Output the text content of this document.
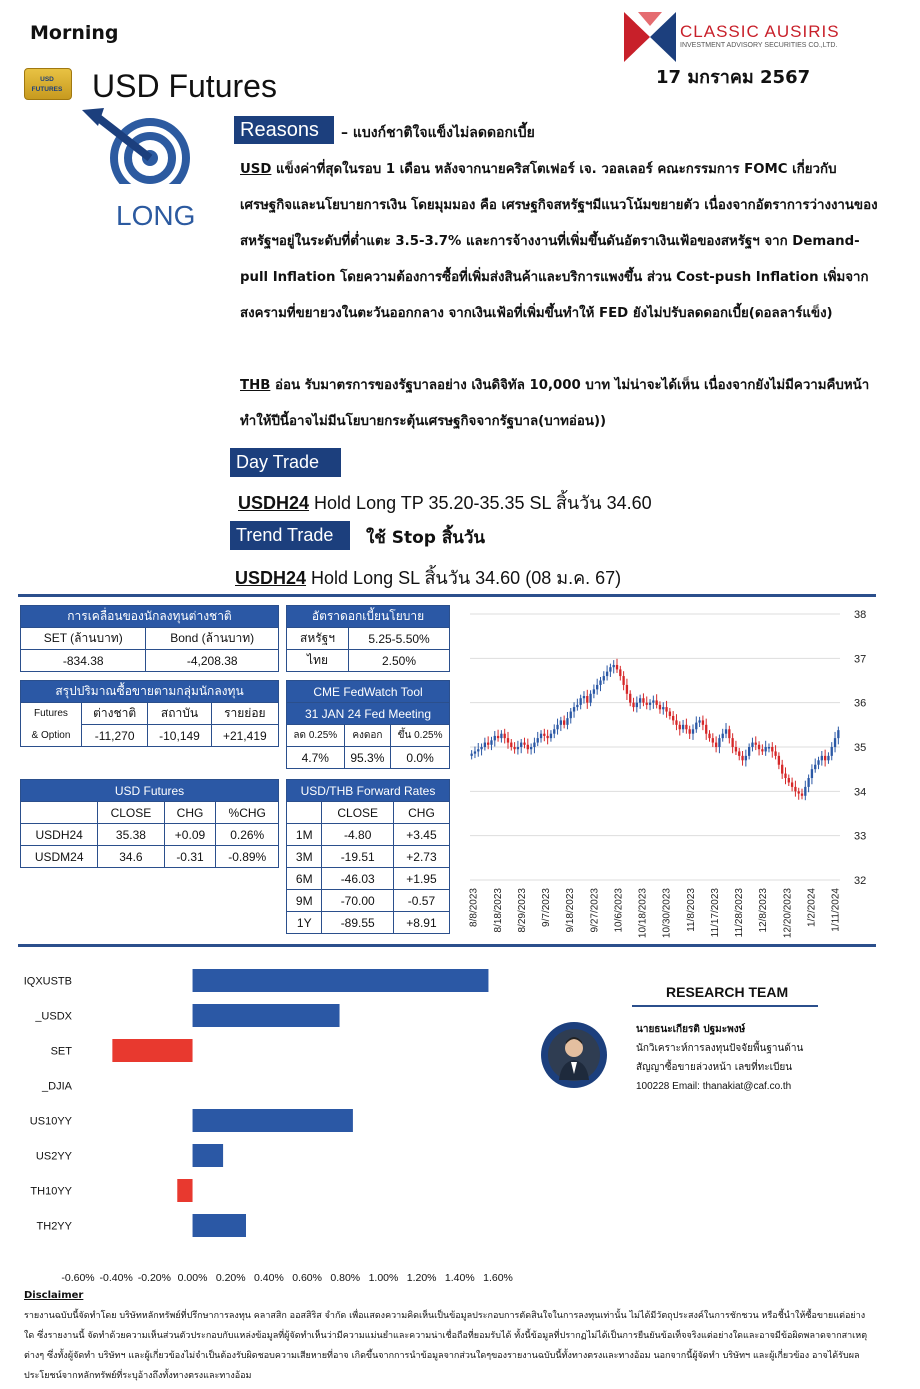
Morning	CLASSIC AUSIRIS
INVESTMENT ADVISORY SECURITIES CO.,LTD.
17 มกราคม 2567
USD FUTURES USD Futures
LONG
Reasons	– แบงก์ชาติใจแข็งไม่ลดดอกเบี้ย
USD แข็งค่าที่สุดในรอบ 1 เดือน หลังจากนายคริสโตเฟอร์ เจ. วอลเลอร์ คณะกรรมการ FOMC เกี่ยวกับเศรษฐกิจและนโยบายการเงิน โดยมุมมอง คือ เศรษฐกิจสหรัฐฯมีแนวโน้มขยายตัว เนื่องจากอัตราการว่างงานของสหรัฐฯอยู่ในระดับที่ต่ำแตะ 3.5-3.7% และการจ้างงานที่เพิ่มขึ้นดันอัตราเงินเฟ้อของสหรัฐฯ จาก Demand-pull Inflation โดยความต้องการซื้อที่เพิ่มส่งสินค้าและบริการแพงขึ้น ส่วน Cost-push Inflation เพิ่มจากสงครามที่ขยายวงในตะวันออกกลาง จากเงินเฟ้อที่เพิ่มขึ้นทำให้ FED ยังไม่ปรับลดดอกเบี้ย(ดอลลาร์แข็ง)
THB อ่อน รับมาตรการของรัฐบาลอย่าง เงินดิจิทัล 10,000 บาท ไม่น่าจะได้เห็น เนื่องจากยังไม่มีความคืบหน้า ทำให้ปีนี้อาจไม่มีนโยบายกระตุ้นเศรษฐกิจจากรัฐบาล(บาทอ่อน))
Day Trade
USDH24 Hold Long TP 35.20-35.35 SL สิ้นวัน 34.60
Trend Trade	ใช้ Stop สิ้นวัน
USDH24 Hold Long SL สิ้นวัน 34.60 (08 ม.ค. 67)
การเคลื่อนของนักลงทุนต่างชาติ	
SET (ล้านบาท)	Bond (ล้านบาท)
-834.38	-4,208.38
อัตราดอกเบี้ยนโยบาย	
สหรัฐฯ	5.25-5.50%
ไทย	2.50%
สรุปปริมาณซื้อขายตามกลุ่มนักลงทุน			
Futures	ต่างชาติ	สถาบัน	รายย่อย
& Option	-11,270	-10,149	+21,419
CME FedWatch Tool		
31 JAN 24 Fed Meeting		
ลด 0.25%	คงดอก	ขึ้น 0.25%
4.7%	95.3%	0.0%
USD Futures			
	CLOSE	CHG	%CHG
USDH24	35.38	+0.09	0.26%
USDM24	34.6	-0.31	-0.89%
USD/THB Forward Rates		
	CLOSE	CHG
1M	-4.80	+3.45
3M	-19.51	+2.73
6M	-46.03	+1.95
9M	-70.00	-0.57
1Y	-89.55	+8.91
38
37
36
35
34
33
32
8/8/2023 8/18/2023 8/29/2023 9/7/2023 9/18/2023 9/27/2023 10/6/2023 10/18/2023 10/30/2023 11/8/2023 11/17/2023 11/28/2023 12/8/2023 12/20/2023 1/2/2024 1/11/2024
IQXUSTB
_USDX
SET
_DJIA
US10YY
US2YY
TH10YY
TH2YY
-0.60% -0.40% -0.20% 0.00% 0.20% 0.40% 0.60% 0.80% 1.00% 1.20% 1.40% 1.60%
RESEARCH TEAM
นายธนะเกียรติ ปฐมะพงษ์
นักวิเคราะห์การลงทุนปัจจัยพื้นฐานด้าน
สัญญาซื้อขายล่วงหน้า เลขที่ทะเบียน
100228 Email: thanakiat@caf.co.th
Disclaimer
รายงานฉบับนี้จัดทำโดย บริษัทหลักทรัพย์ที่ปรึกษาการลงทุน คลาสสิก ออสสิริส จำกัด เพื่อแสดงความคิดเห็นเป็นข้อมูลประกอบการตัดสินใจในการลงทุนเท่านั้น ไม่ได้มีวัตถุประสงค์ในการชักชวน หรือชี้นำให้ซื้อขายแต่อย่างใด ซึ่งรายงานนี้ จัดทำด้วยความเห็นส่วนตัวประกอบกับแหล่งข้อมูลที่ผู้จัดทำเห็นว่ามีความแม่นยำและความน่าเชื่อถือที่ยอมรับได้ ทั้งนี้ข้อมูลที่ปรากฏไม่ได้เป็นการยืนยันข้อเท็จจริงแต่อย่างใดและอาจมีข้อผิดพลาดจากสาเหตุต่างๆ ซึ่งทั้งผู้จัดทำ บริษัทฯ และผู้เกี่ยวข้องไม่จำเป็นต้องรับผิดชอบความเสียหายที่อาจ เกิดขึ้นจากการนำข้อมูลจากส่วนใดๆของรายงานฉบับนี้ทั้งทางตรงและทางอ้อม นอกจากนี้ผู้จัดทำ บริษัทฯ และผู้เกี่ยวข้อง อาจได้รับผลประโยชน์จากหลักทรัพย์ที่ระบุอ้างถึงทั้งทางตรงและทางอ้อม
